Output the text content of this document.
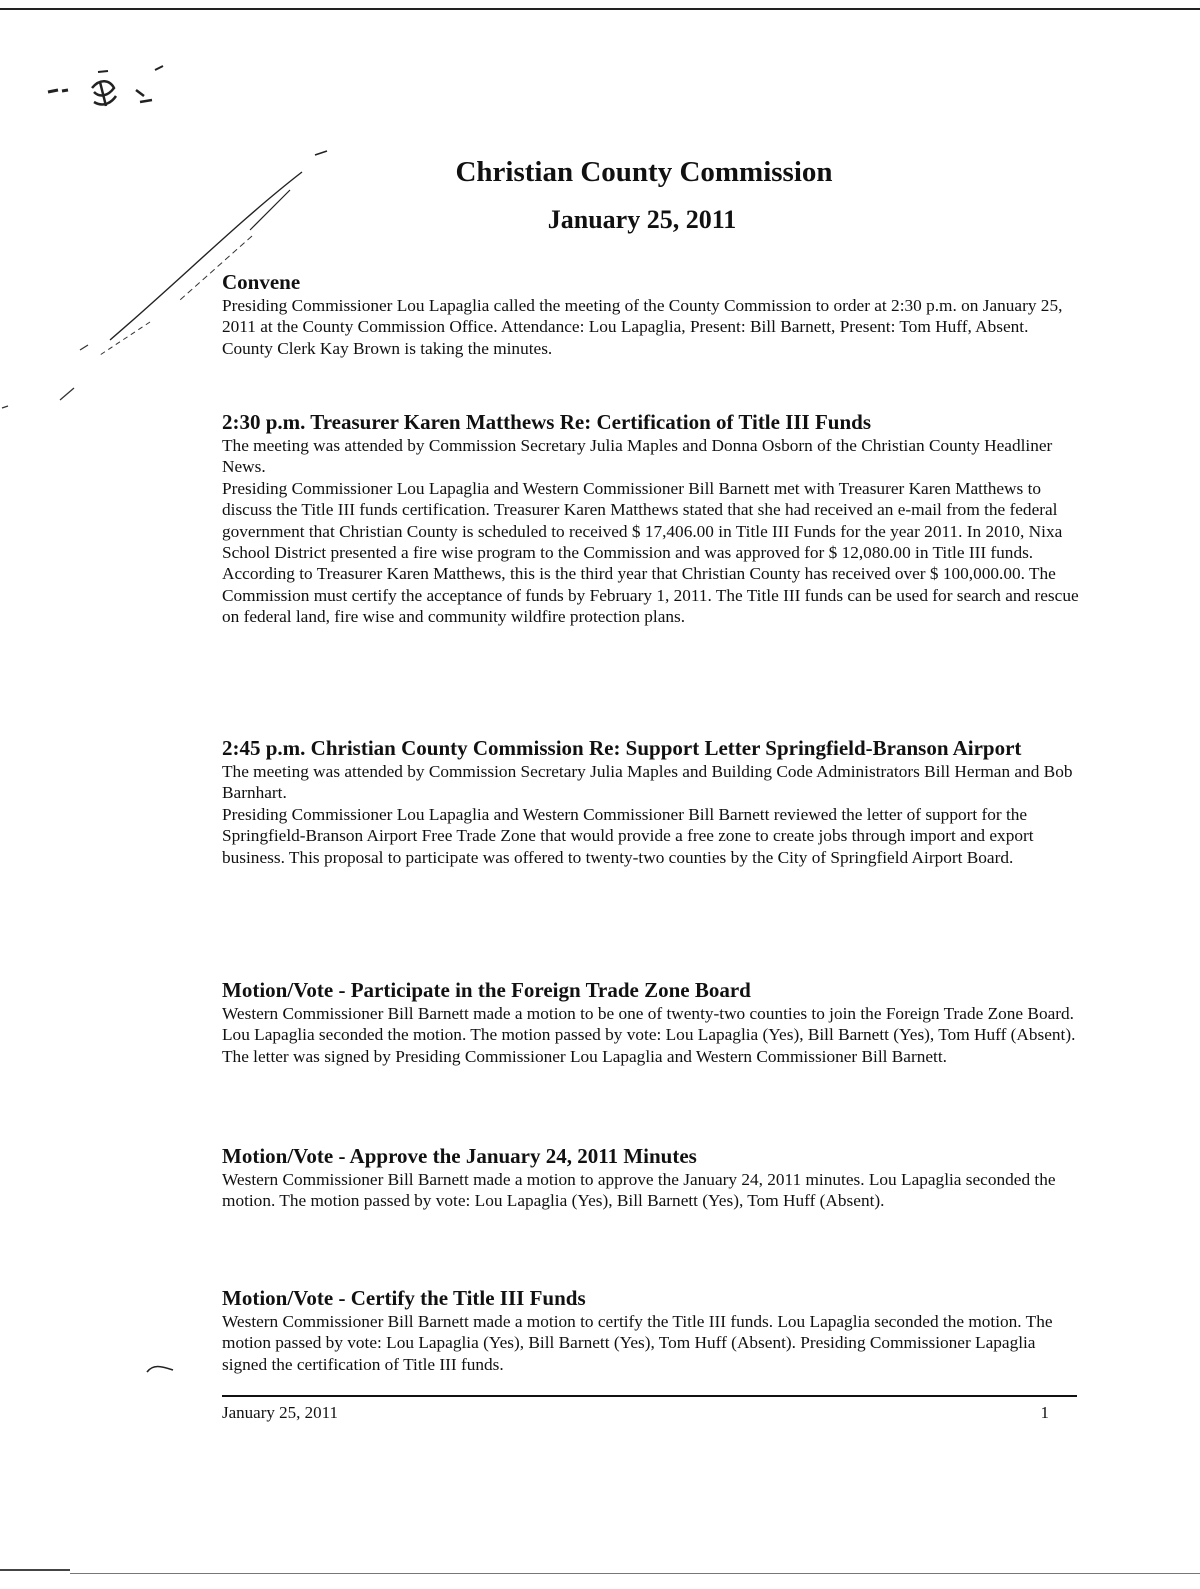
Christian County Commission
January 25, 2011
Convene

Presiding Commissioner Lou Lapaglia called the meeting of the County Commission to order at 2:30 p.m. on January 25, 2011 at the County Commission Office. Attendance: Lou Lapaglia, Present: Bill Barnett, Present: Tom Huff, Absent. County Clerk Kay Brown is taking the minutes.

2:30 p.m. Treasurer Karen Matthews Re: Certification of Title III Funds

The meeting was attended by Commission Secretary Julia Maples and Donna Osborn of the Christian County Headliner News.

Presiding Commissioner Lou Lapaglia and Western Commissioner Bill Barnett met with Treasurer Karen Matthews to discuss the Title III funds certification. Treasurer Karen Matthews stated that she had received an e-mail from the federal government that Christian County is scheduled to received $ 17,406.00 in Title III Funds for the year 2011. In 2010, Nixa School District presented a fire wise program to the Commission and was approved for $ 12,080.00 in Title III funds. According to Treasurer Karen Matthews, this is the third year that Christian County has received over $ 100,000.00. The Commission must certify the acceptance of funds by February 1, 2011. The Title III funds can be used for search and rescue on federal land, fire wise and community wildfire protection plans.

2:45 p.m. Christian County Commission Re: Support Letter Springfield-Branson Airport

The meeting was attended by Commission Secretary Julia Maples and Building Code Administrators Bill Herman and Bob Barnhart.

Presiding Commissioner Lou Lapaglia and Western Commissioner Bill Barnett reviewed the letter of support for the Springfield-Branson Airport Free Trade Zone that would provide a free zone to create jobs through import and export business. This proposal to participate was offered to twenty-two counties by the City of Springfield Airport Board.

Motion/Vote - Participate in the Foreign Trade Zone Board

Western Commissioner Bill Barnett made a motion to be one of twenty-two counties to join the Foreign Trade Zone Board. Lou Lapaglia seconded the motion. The motion passed by vote: Lou Lapaglia (Yes), Bill Barnett (Yes), Tom Huff (Absent). The letter was signed by Presiding Commissioner Lou Lapaglia and Western Commissioner Bill Barnett.

Motion/Vote - Approve the January 24, 2011 Minutes

Western Commissioner Bill Barnett made a motion to approve the January 24, 2011 minutes. Lou Lapaglia seconded the motion. The motion passed by vote: Lou Lapaglia (Yes), Bill Barnett (Yes), Tom Huff (Absent).

Motion/Vote - Certify the Title III Funds

Western Commissioner Bill Barnett made a motion to certify the Title III funds. Lou Lapaglia seconded the motion. The motion passed by vote: Lou Lapaglia (Yes), Bill Barnett (Yes), Tom Huff (Absent). Presiding Commissioner Lapaglia signed the certification of Title III funds.

January 25, 2011	1
